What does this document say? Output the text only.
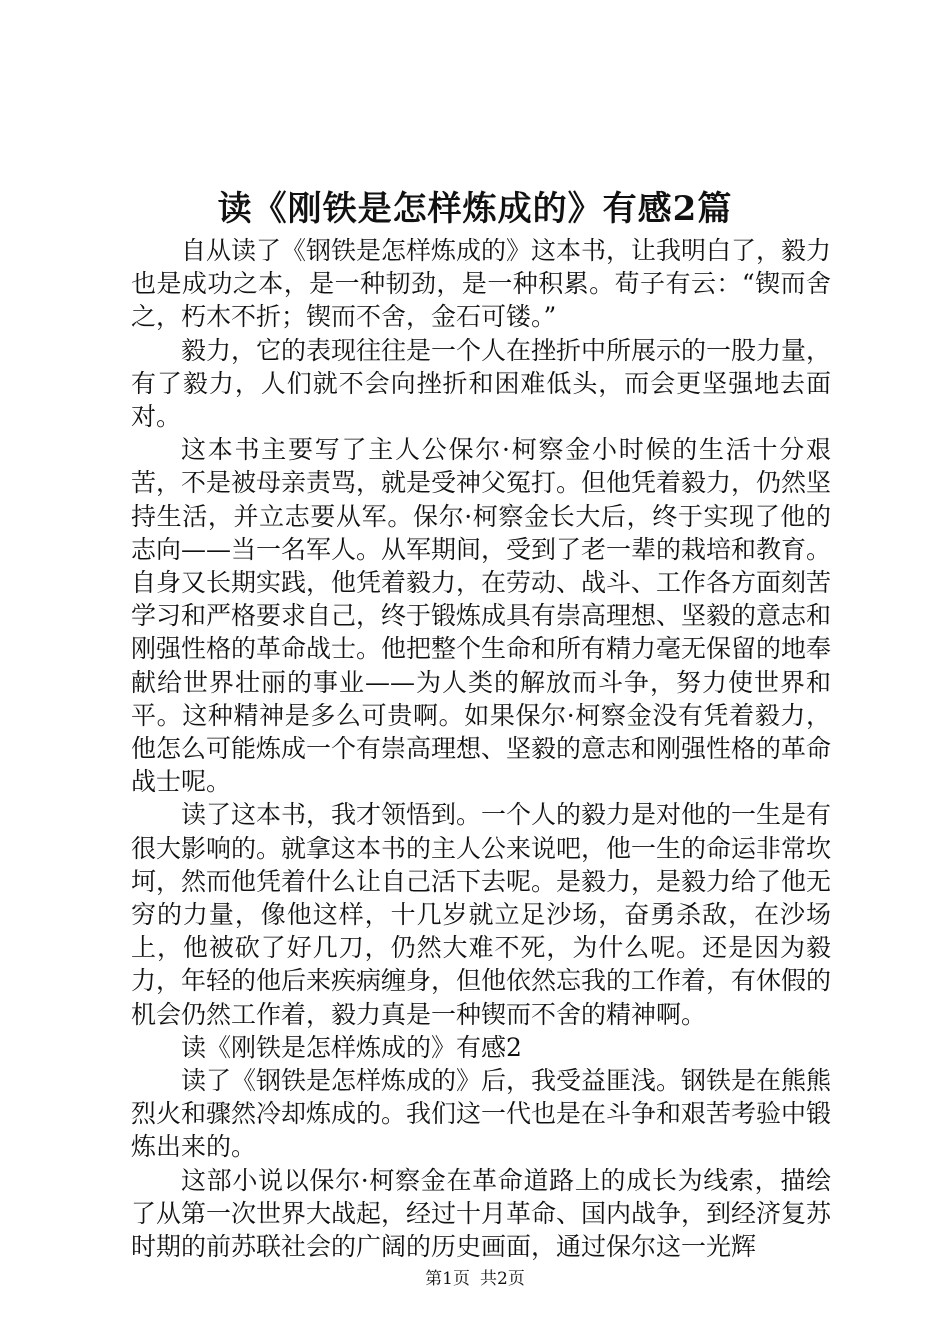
读《刚铁是怎样炼成的》有感2篇

自从读了《钢铁是怎样炼成的》这本书，让我明白了，毅力也是成功之本，是一种韧劲，是一种积累。荀子有云：“锲而舍之，朽木不折；锲而不舍，金石可镂。”

毅力，它的表现往往是一个人在挫折中所展示的一股力量，有了毅力，人们就不会向挫折和困难低头，而会更坚强地去面对。

这本书主要写了主人公保尔·柯察金小时候的生活十分艰苦，不是被母亲责骂，就是受神父冤打。但他凭着毅力，仍然坚持生活，并立志要从军。保尔·柯察金长大后，终于实现了他的志向——当一名军人。从军期间，受到了老一辈的栽培和教育。自身又长期实践，他凭着毅力，在劳动、战斗、工作各方面刻苦学习和严格要求自己，终于锻炼成具有崇高理想、坚毅的意志和刚强性格的革命战士。他把整个生命和所有精力毫无保留的地奉献给世界壮丽的事业——为人类的解放而斗争，努力使世界和平。这种精神是多么可贵啊。如果保尔·柯察金没有凭着毅力，他怎么可能炼成一个有崇高理想、坚毅的意志和刚强性格的革命战士呢。

读了这本书，我才领悟到。一个人的毅力是对他的一生是有很大影响的。就拿这本书的主人公来说吧，他一生的命运非常坎坷，然而他凭着什么让自己活下去呢。是毅力，是毅力给了他无穷的力量，像他这样，十几岁就立足沙场，奋勇杀敌，在沙场上，他被砍了好几刀，仍然大难不死，为什么呢。还是因为毅力，年轻的他后来疾病缠身，但他依然忘我的工作着，有休假的机会仍然工作着，毅力真是一种锲而不舍的精神啊。

读《刚铁是怎样炼成的》有感2

读了《钢铁是怎样炼成的》后，我受益匪浅。钢铁是在熊熊烈火和骤然冷却炼成的。我们这一代也是在斗争和艰苦考验中锻炼出来的。

这部小说以保尔·柯察金在革命道路上的成长为线索，描绘了从第一次世界大战起，经过十月革命、国内战争，到经济复苏时期的前苏联社会的广阔的历史画面，通过保尔这一光辉

第1页 共2页
